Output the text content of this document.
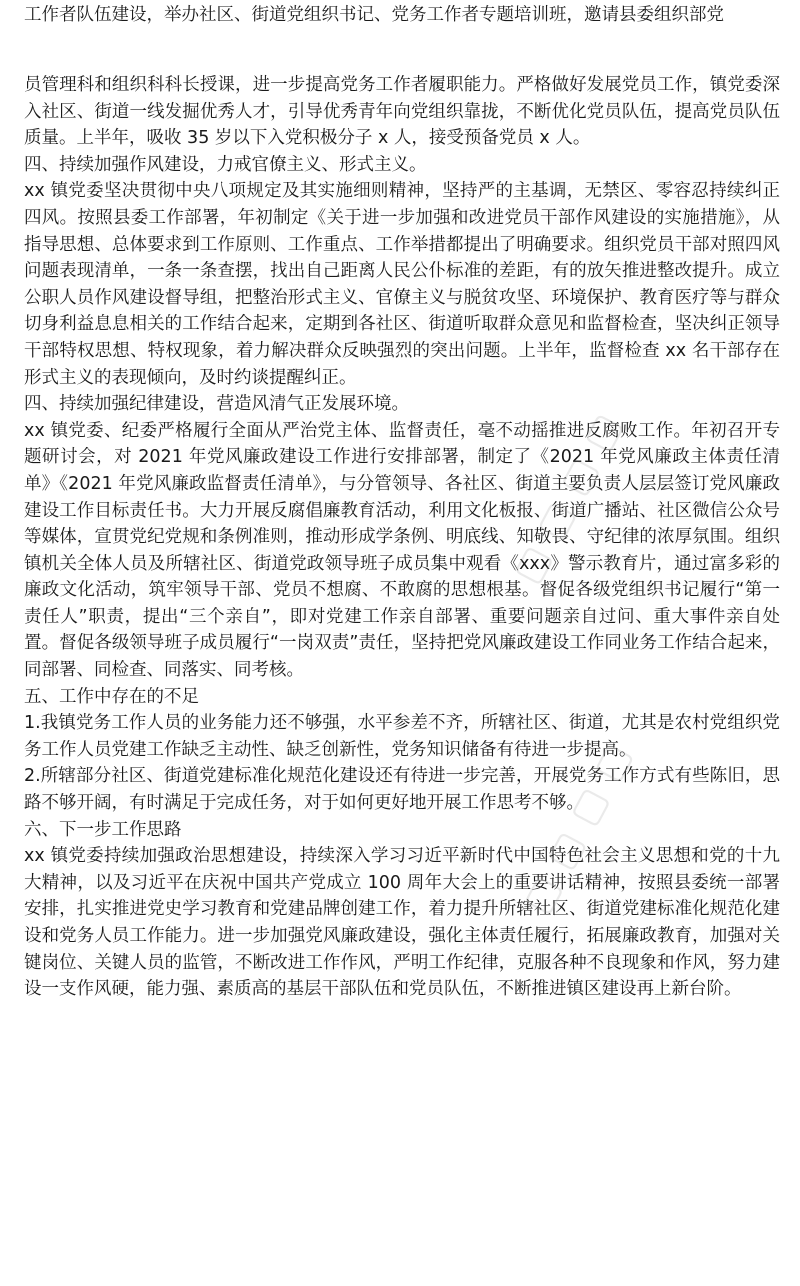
工作者队伍建设，举办社区、街道党组织书记、党务工作者专题培训班，邀请县委组织部党

员管理科和组织科科长授课，进一步提高党务工作者履职能力。严格做好发展党员工作，镇党委深入社区、街道一线发掘优秀人才，引导优秀青年向党组织靠拢，不断优化党员队伍，提高党员队伍质量。上半年，吸收 35 岁以下入党积极分子 x 人，接受预备党员 x 人。

四、持续加强作风建设，力戒官僚主义、形式主义。

xx 镇党委坚决贯彻中央八项规定及其实施细则精神，坚持严的主基调，无禁区、零容忍持续纠正四风。按照县委工作部署，年初制定《关于进一步加强和改进党员干部作风建设的实施措施》，从指导思想、总体要求到工作原则、工作重点、工作举措都提出了明确要求。组织党员干部对照四风问题表现清单，一条一条查摆，找出自己距离人民公仆标准的差距，有的放矢推进整改提升。成立公职人员作风建设督导组，把整治形式主义、官僚主义与脱贫攻坚、环境保护、教育医疗等与群众切身利益息息相关的工作结合起来，定期到各社区、街道听取群众意见和监督检查，坚决纠正领导干部特权思想、特权现象，着力解决群众反映强烈的突出问题。上半年，监督检查 xx 名干部存在形式主义的表现倾向，及时约谈提醒纠正。

四、持续加强纪律建设，营造风清气正发展环境。

xx 镇党委、纪委严格履行全面从严治党主体、监督责任，毫不动摇推进反腐败工作。年初召开专题研讨会，对 2021 年党风廉政建设工作进行安排部署，制定了《2021 年党风廉政主体责任清单》《2021 年党风廉政监督责任清单》，与分管领导、各社区、街道主要负责人层层签订党风廉政建设工作目标责任书。大力开展反腐倡廉教育活动，利用文化板报、街道广播站、社区微信公众号等媒体，宣贯党纪党规和条例准则，推动形成学条例、明底线、知敬畏、守纪律的浓厚氛围。组织镇机关全体人员及所辖社区、街道党政领导班子成员集中观看《xxx》警示教育片，通过富多彩的廉政文化活动，筑牢领导干部、党员不想腐、不敢腐的思想根基。督促各级党组织书记履行“第一责任人”职责，提出“三个亲自”，即对党建工作亲自部署、重要问题亲自过问、重大事件亲自处置。督促各级领导班子成员履行“一岗双责”责任，坚持把党风廉政建设工作同业务工作结合起来，同部署、同检查、同落实、同考核。

五、工作中存在的不足

1.我镇党务工作人员的业务能力还不够强，水平参差不齐，所辖社区、街道，尤其是农村党组织党务工作人员党建工作缺乏主动性、缺乏创新性，党务知识储备有待进一步提高。

2.所辖部分社区、街道党建标准化规范化建设还有待进一步完善，开展党务工作方式有些陈旧，思路不够开阔，有时满足于完成任务，对于如何更好地开展工作思考不够。

六、下一步工作思路

xx 镇党委持续加强政治思想建设，持续深入学习习近平新时代中国特色社会主义思想和党的十九大精神，以及习近平在庆祝中国共产党成立 100 周年大会上的重要讲话精神，按照县委统一部署安排，扎实推进党史学习教育和党建品牌创建工作，着力提升所辖社区、街道党建标准化规范化建设和党务人员工作能力。进一步加强党风廉政建设，强化主体责任履行，拓展廉政教育，加强对关键岗位、关键人员的监管，不断改进工作作风，严明工作纪律，克服各种不良现象和作风，努力建设一支作风硬，能力强、素质高的基层干部队伍和党员队伍，不断推进镇区建设再上新台阶。

▢▢▢▢
▢▢▢▢
